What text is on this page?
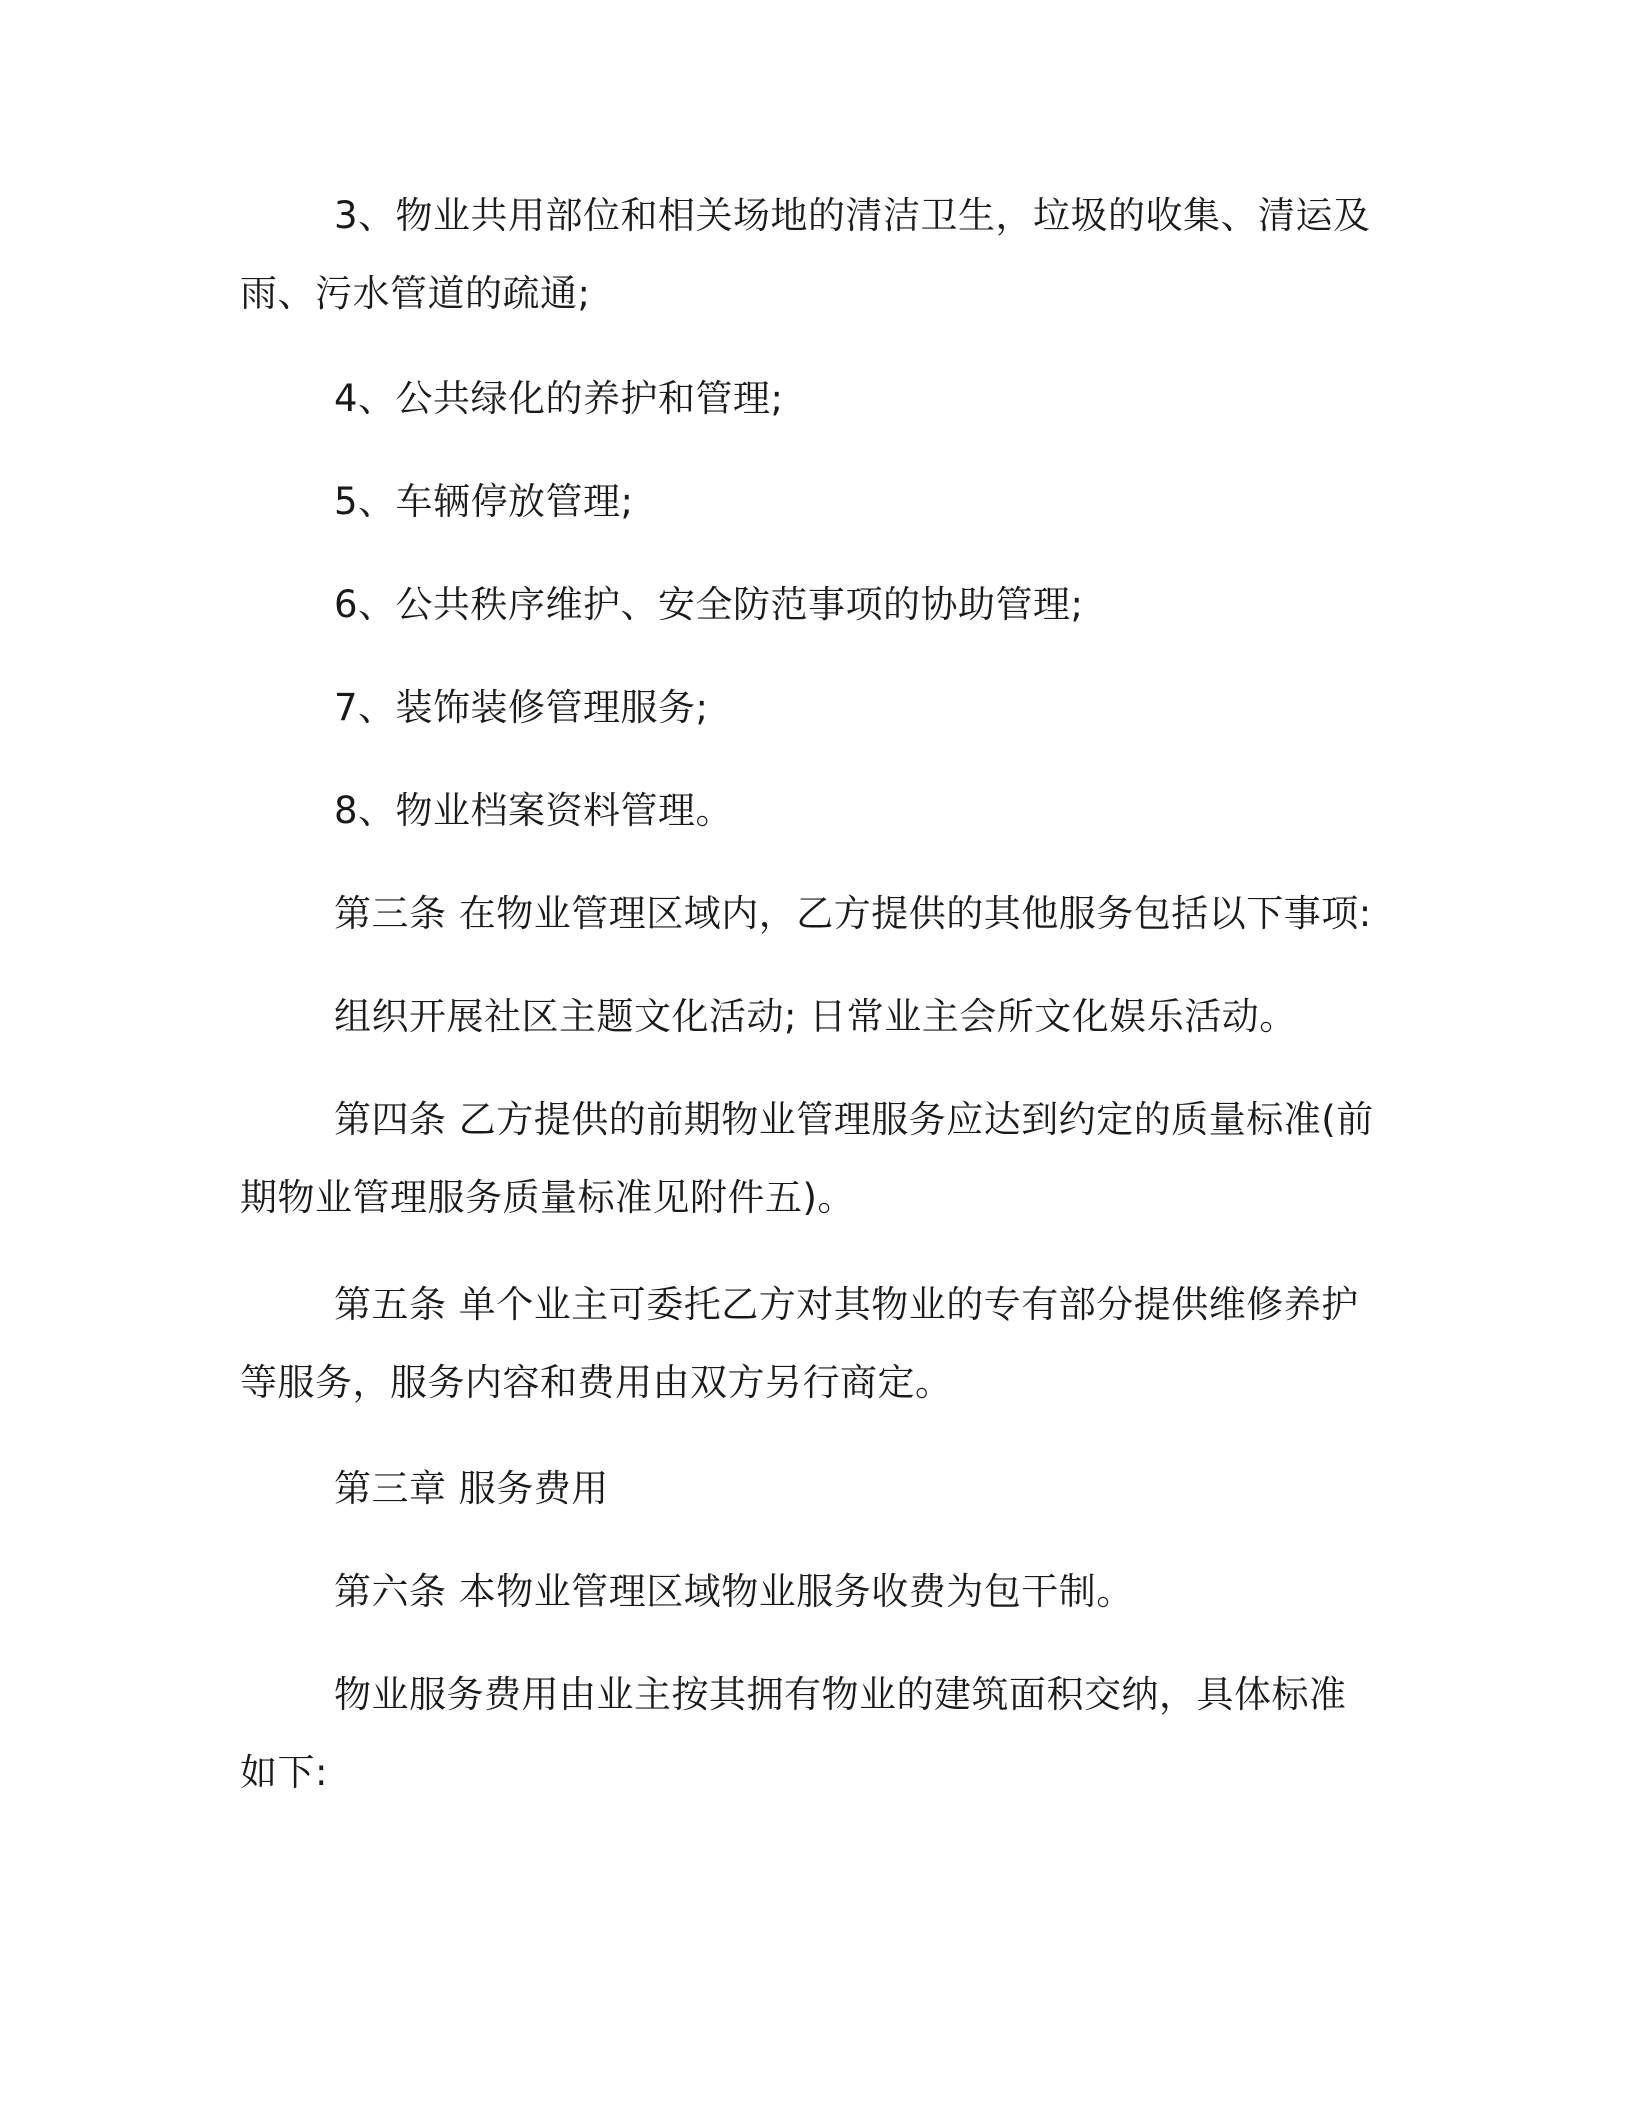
3、物业共用部位和相关场地的清洁卫生，垃圾的收集、清运及雨、污水管道的疏通;

4、公共绿化的养护和管理;

5、车辆停放管理;

6、公共秩序维护、安全防范事项的协助管理;

7、装饰装修管理服务;

8、物业档案资料管理。

第三条 在物业管理区域内，乙方提供的其他服务包括以下事项:

组织开展社区主题文化活动; 日常业主会所文化娱乐活动。

第四条 乙方提供的前期物业管理服务应达到约定的质量标准(前期物业管理服务质量标准见附件五)。

第五条 单个业主可委托乙方对其物业的专有部分提供维修养护等服务，服务内容和费用由双方另行商定。

第三章 服务费用

第六条 本物业管理区域物业服务收费为包干制。

物业服务费用由业主按其拥有物业的建筑面积交纳，具体标准如下:
